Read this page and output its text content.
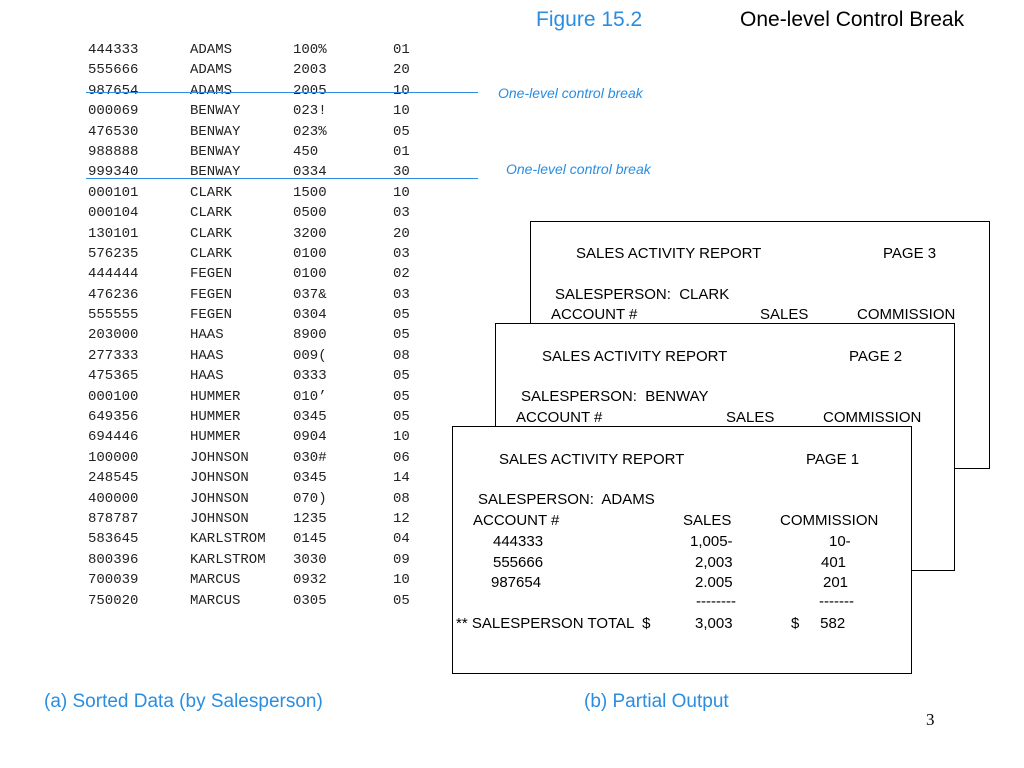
Figure 15.2	One-level Control Break
444333	ADAMS	100%	01
555666	ADAMS	2003	20
987654	ADAMS	2005	10
000069	BENWAY	023!	10
476530	BENWAY	023%	05
988888	BENWAY	450	01
999340	BENWAY	0334	30
000101	CLARK	1500	10
000104	CLARK	0500	03
130101	CLARK	3200	20
576235	CLARK	0100	03
444444	FEGEN	0100	02
476236	FEGEN	037&	03
555555	FEGEN	0304	05
203000	HAAS	8900	05
277333	HAAS	009(	08
475365	HAAS	0333	05
000100	HUMMER	010’	05
649356	HUMMER	0345	05
694446	HUMMER	0904	10
100000	JOHNSON	030#	06
248545	JOHNSON	0345	14
400000	JOHNSON	070)	08
878787	JOHNSON	1235	12
583645	KARLSTROM 0145	04
800396	KARLSTROM 3030	09
700039	MARCUS	0932	10
750020	MARCUS	0305	05
One-level control break
One-level control break
SALES ACTIVITY REPORT	PAGE 3
SALESPERSON:  CLARK
ACCOUNT #	SALES	COMMISSION
SALES ACTIVITY REPORT	PAGE 2
SALESPERSON:  BENWAY
ACCOUNT #	SALES	COMMISSION
SALES ACTIVITY REPORT	PAGE 1
SALESPERSON:  ADAMS
ACCOUNT #	SALES	COMMISSION
444333	1,005-	10-
555666	2,003	401
987654	2.005	201
--------	-------
** SALESPERSON TOTAL  $	3,003	$     582
(a) Sorted Data (by Salesperson)	(b) Partial Output
3
